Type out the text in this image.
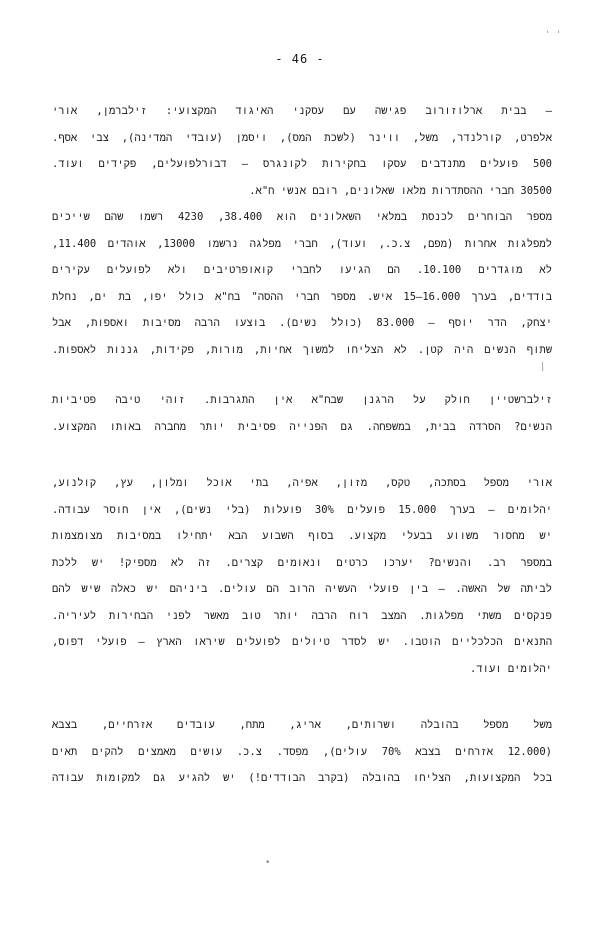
- 46 -
– בבית ארלוזורוב פגישה עם עסקני האיגוד המקצועי: זילברמן, אורי
אלפרט, קורלנדר, משל, ווינר (לשכת המס), ויסמן (עובדי המדינה), צבי אסף.
500 פועלים מתנדבים עסקו בחקירות לקונגרס – דבורלפועלים, פקידים ועוד.
30500 חברי ההסתדרות מלאו שאלונים, רובם אנשי ח"א.
מספר הבוחרים לכנסת במלאי השאלונים הוא 38.400, 4230 רשמו שהם שייכים
למפלגות אחרות (מפם, צ.כ., ועוד), חברי מפלגה נרשמו 13000, אוהדים 11.400,
לא מוגדרים 10.100. הם הגיעו לחברי קואופרטיבים ולא לפועלים עקירים
בודדים, בערך 16.000–15 איש. מספר חברי ההסה" בח"א כולל יפו, בת ים, נחלת
יצחק, הדר יוסף – 83.000 (כולל נשים). בוצעו הרבה מסיבות ואספות, אבל
שתוף הנשים היה קטן. לא הצליחו למשוך אחיות, מורות, פקידות, גננות לאספות.
זילברשטיין חולק על הרגנן שבח"א אין התגרבות. זוהי טיבה פטיביות
הנשים? הסרדה בבית, במשפחה. גם הפנייה פסיבית יותר מחברה באותו המקצוע.
אורי מספל בסתכה, טקס, מזון, אפיה, בתי אוכל ומלון, עץ, קולנוע,
יהלומים – בערך 15.000 פועלים 30% פועלות (בלי נשים), אין חוסר עבודה.
יש מחסור משווע בבעלי מקצוע. בסוף השבוע הבא יתחילו במסיבות מצומצמות
במספר רב. והנשים? יערכו כרטים ונאומים קצרים. זה לא מספיק! יש ללכת
לביתה של האשה. – בין פועלי העשיה הרוב הם עולים. ביניהם יש כאלה שיש להם
פנקסים משתי מפלגות. המצב רוח הרבה יותר טוב מאשר לפני הבחירות לעיריה.
התנאים הכלכליים הוטבו. יש לסדר טיולים לפועלים שיראו הארץ – פועלי דפוס,
יהלומים ועוד.
משל מספל בהובלה ושרותים, אריג, מתח, עובדים אזרחיים, בצבא
(12.000 אזרחים בצבא 70% עולים), מפסד. צ.כ. עושים מאמצים להקים תאים
בכל המקצועות, הצליחו בהובלה (בקרב הבודדים!) יש להגיע גם למקומות עבודה
' '
|
•
